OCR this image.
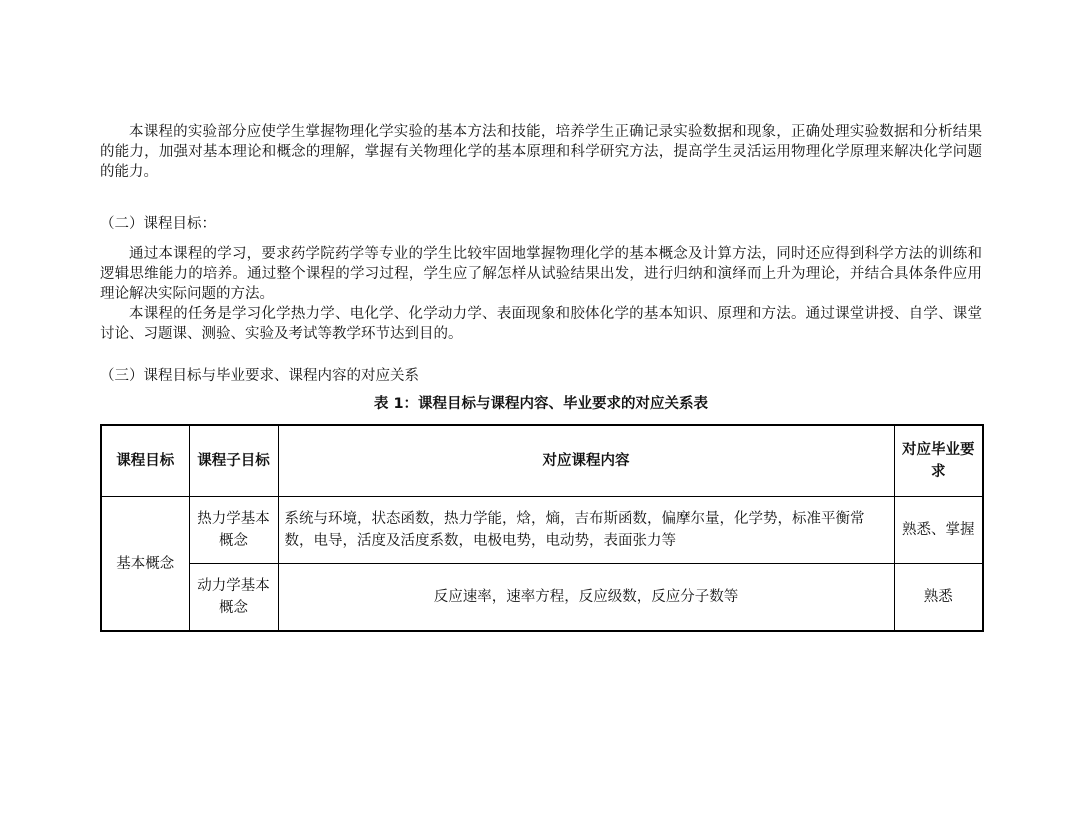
本课程的实验部分应使学生掌握物理化学实验的基本方法和技能，培养学生正确记录实验数据和现象，正确处理实验数据和分析结果的能力，加强对基本理论和概念的理解，掌握有关物理化学的基本原理和科学研究方法，提高学生灵活运用物理化学原理来解决化学问题的能力。

（二）课程目标：

通过本课程的学习，要求药学院药学等专业的学生比较牢固地掌握物理化学的基本概念及计算方法，同时还应得到科学方法的训练和逻辑思维能力的培养。通过整个课程的学习过程，学生应了解怎样从试验结果出发，进行归纳和演绎而上升为理论，并结合具体条件应用理论解决实际问题的方法。

本课程的任务是学习化学热力学、电化学、化学动力学、表面现象和胶体化学的基本知识、原理和方法。通过课堂讲授、自学、课堂讨论、习题课、测验、实验及考试等教学环节达到目的。

（三）课程目标与毕业要求、课程内容的对应关系

表 1：课程目标与课程内容、毕业要求的对应关系表

课程目标	课程子目标	对应课程内容	对应毕业要求
基本概念	热力学基本概念	系统与环境，状态函数，热力学能，焓，熵，吉布斯函数，偏摩尔量，化学势，标准平衡常数，电导，活度及活度系数，电极电势，电动势，表面张力等	熟悉、掌握
	动力学基本概念	反应速率，速率方程，反应级数，反应分子数等	熟悉
